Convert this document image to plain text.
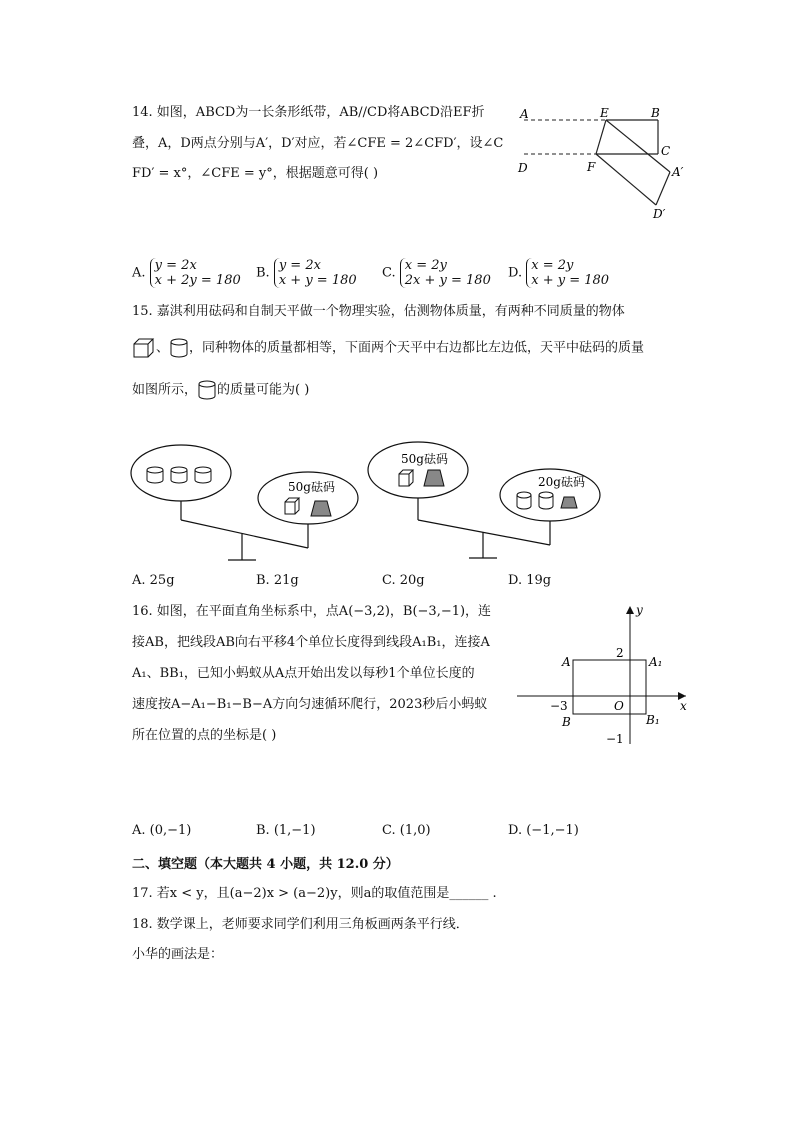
14. 如图，ABCD为一长条形纸带，AB//CD将ABCD沿EF折
叠，A，D两点分别与A′，D′对应，若∠CFE = 2∠CFD′，设∠C
FD′ = x°，∠CFE = y°，根据题意可得( )
A	E	B
C
D	F	A′
D′
A. y = 2x
x + 2y = 180 B. y = 2x
x + y = 180 C. x = 2y
2x + y = 180 D. x = 2y
x + y = 180
15. 嘉淇利用砝码和自制天平做一个物理实验，估测物体质量，有两种不同质量的物体
、 ，同种物体的质量都相等，下面两个天平中右边都比左边低，天平中砝码的质量
如图所示， 的质量可能为( )
50g砝码
50g砝码
20g砝码
A. 25g	B. 21g	C. 20g	D. 19g
16. 如图，在平面直角坐标系中，点A(−3,2)，B(−3,−1)，连
接AB，把线段AB向右平移4个单位长度得到线段A₁B₁，连接A
A₁、BB₁，已知小蚂蚁从A点开始出发以每秒1个单位长度的
速度按A−A₁−B₁−B−A方向匀速循环爬行，2023秒后小蚂蚁
所在位置的点的坐标是( )
y
x
A	A₁
B	B₁
O
2
−3
−1
A. (0,−1)	B. (1,−1)	C. (1,0)	D. (−1,−1)
二、填空题（本大题共 4 小题，共 12.0 分）
17. 若x < y，且(a−2)x > (a−2)y，则a的取值范围是______ .
18. 数学课上，老师要求同学们利用三角板画两条平行线．
小华的画法是：
